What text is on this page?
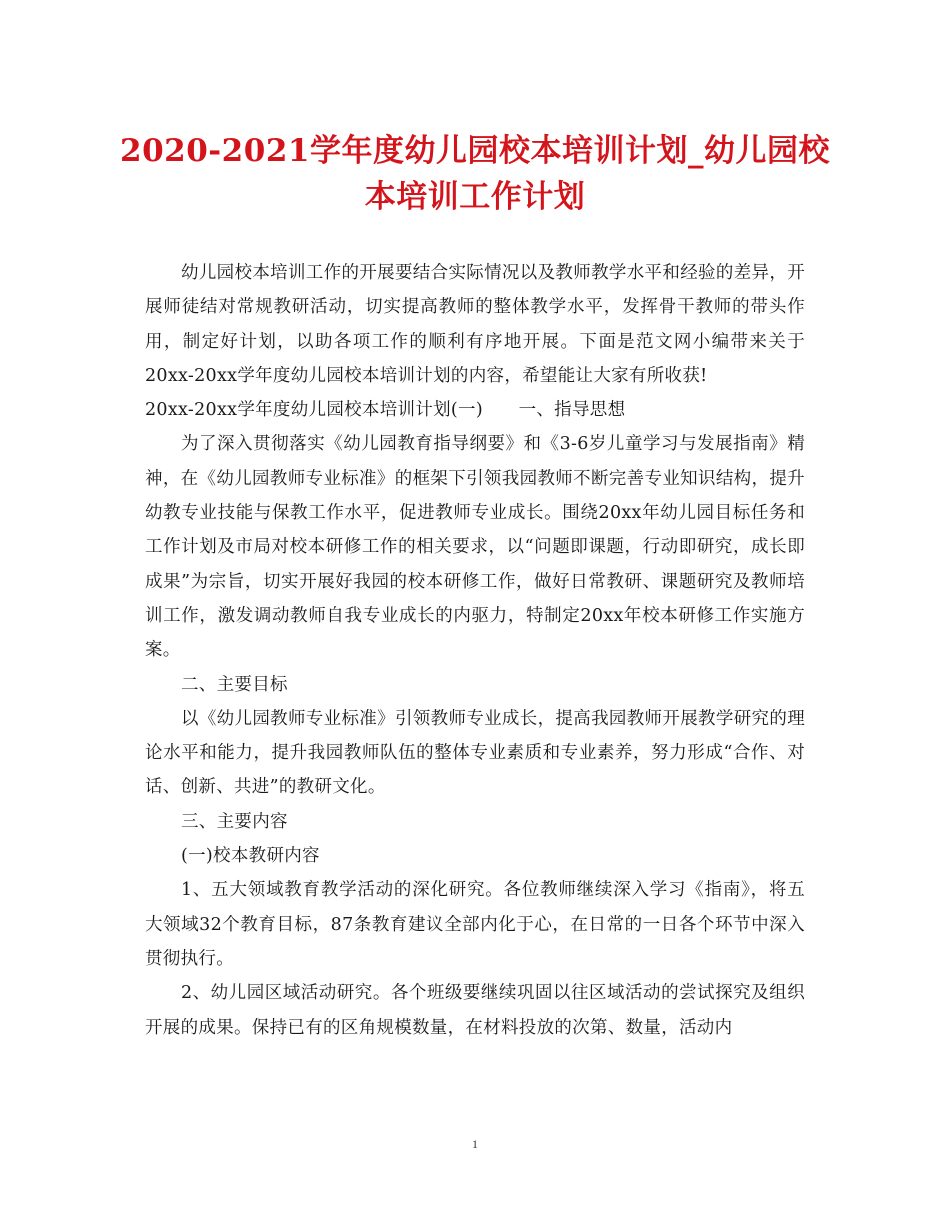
2020-2021学年度幼儿园校本培训计划_幼儿园校本培训工作计划

幼儿园校本培训工作的开展要结合实际情况以及教师教学水平和经验的差异，开展师徒结对常规教研活动，切实提高教师的整体教学水平，发挥骨干教师的带头作用，制定好计划，以助各项工作的顺利有序地开展。下面是范文网小编带来关于20xx-20xx学年度幼儿园校本培训计划的内容，希望能让大家有所收获!

20xx-20xx学年度幼儿园校本培训计划(一)　　一、指导思想

为了深入贯彻落实《幼儿园教育指导纲要》和《3-6岁儿童学习与发展指南》精神，在《幼儿园教师专业标准》的框架下引领我园教师不断完善专业知识结构，提升幼教专业技能与保教工作水平，促进教师专业成长。围绕20xx年幼儿园目标任务和工作计划及市局对校本研修工作的相关要求，以“问题即课题，行动即研究，成长即成果”为宗旨，切实开展好我园的校本研修工作，做好日常教研、课题研究及教师培训工作，激发调动教师自我专业成长的内驱力，特制定20xx年校本研修工作实施方案。

二、主要目标

以《幼儿园教师专业标准》引领教师专业成长，提高我园教师开展教学研究的理论水平和能力，提升我园教师队伍的整体专业素质和专业素养，努力形成“合作、对话、创新、共进”的教研文化。

三、主要内容

(一)校本教研内容

1、五大领域教育教学活动的深化研究。各位教师继续深入学习《指南》，将五大领域32个教育目标，87条教育建议全部内化于心，在日常的一日各个环节中深入贯彻执行。

2、幼儿园区域活动研究。各个班级要继续巩固以往区域活动的尝试探究及组织开展的成果。保持已有的区角规模数量，在材料投放的次第、数量，活动内

1
